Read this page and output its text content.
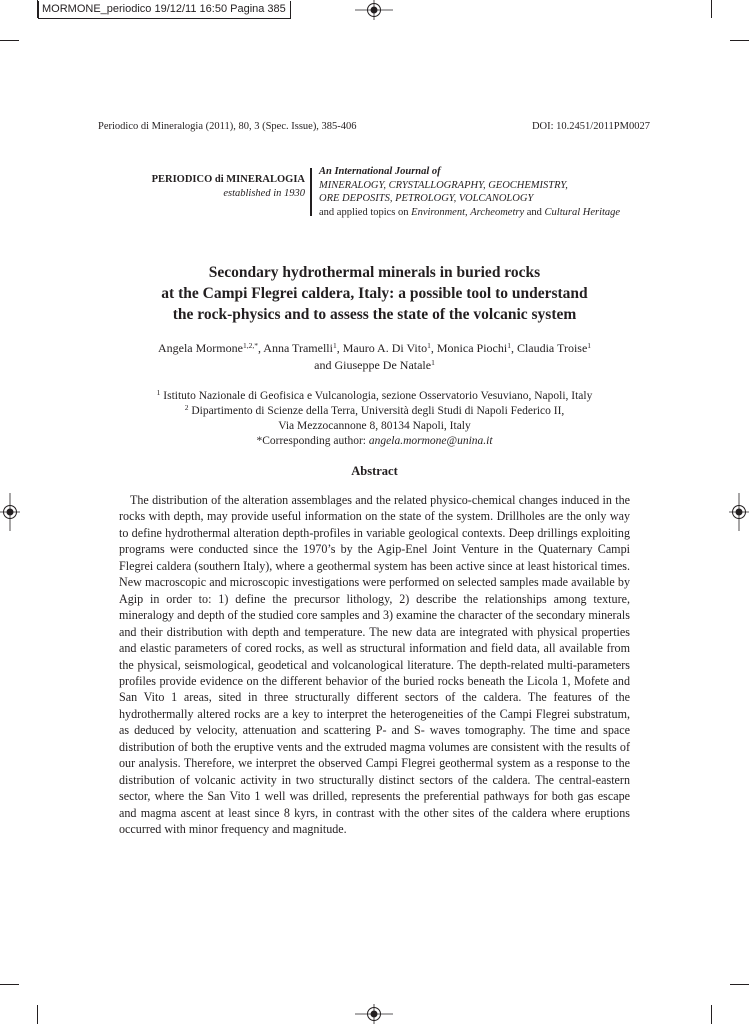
MORMONE_periodico 19/12/11 16:50 Pagina 385
Periodico di Mineralogia (2011), 80, 3 (Spec. Issue), 385-406	DOI: 10.2451/2011PM0027
PERIODICO di MINERALOGIA
established in 1930
An International Journal of
MINERALOGY, CRYSTALLOGRAPHY, GEOCHEMISTRY,
ORE DEPOSITS, PETROLOGY, VOLCANOLOGY
and applied topics on Environment, Archeometry and Cultural Heritage
Secondary hydrothermal minerals in buried rocks
at the Campi Flegrei caldera, Italy: a possible tool to understand
the rock-physics and to assess the state of the volcanic system
Angela Mormone$^{1,2,*}$, Anna Tramelli$^1$, Mauro A. Di Vito$^1$, Monica Piochi$^1$, Claudia Troise$^1$
and Giuseppe De Natale$^1$
$^1$ Istituto Nazionale di Geofisica e Vulcanologia, sezione Osservatorio Vesuviano, Napoli, Italy
$^2$ Dipartimento di Scienze della Terra, Università degli Studi di Napoli Federico II,
Via Mezzocannone 8, 80134 Napoli, Italy
*Corresponding author: angela.mormone@unina.it
Abstract

The distribution of the alteration assemblages and the related physico-chemical changes induced in the rocks with depth, may provide useful information on the state of the system. Drillholes are the only way to define hydrothermal alteration depth-profiles in variable geological contexts. Deep drillings exploiting programs were conducted since the 1970’s by the Agip-Enel Joint Venture in the Quaternary Campi Flegrei caldera (southern Italy), where a geothermal system has been active since at least historical times. New macroscopic and microscopic investigations were performed on selected samples made available by Agip in order to: 1) define the precursor lithology, 2) describe the relationships among texture, mineralogy and depth of the studied core samples and 3) examine the character of the secondary minerals and their distribution with depth and temperature. The new data are integrated with physical properties and elastic parameters of cored rocks, as well as structural information and field data, all available from the physical, seismological, geodetical and volcanological literature. The depth-related multi-parameters profiles provide evidence on the different behavior of the buried rocks beneath the Licola 1, Mofete and San Vito 1 areas, sited in three structurally different sectors of the caldera. The features of the hydrothermally altered rocks are a key to interpret the heterogeneities of the Campi Flegrei substratum, as deduced by velocity, attenuation and scattering P- and S- waves tomography. The time and space distribution of both the eruptive vents and the extruded magma volumes are consistent with the results of our analysis. Therefore, we interpret the observed Campi Flegrei geothermal system as a response to the distribution of volcanic activity in two structurally distinct sectors of the caldera. The central-eastern sector, where the San Vito 1 well was drilled, represents the preferential pathways for both gas escape and magma ascent at least since 8 kyrs, in contrast with the other sites of the caldera where eruptions occurred with minor frequency and magnitude.
